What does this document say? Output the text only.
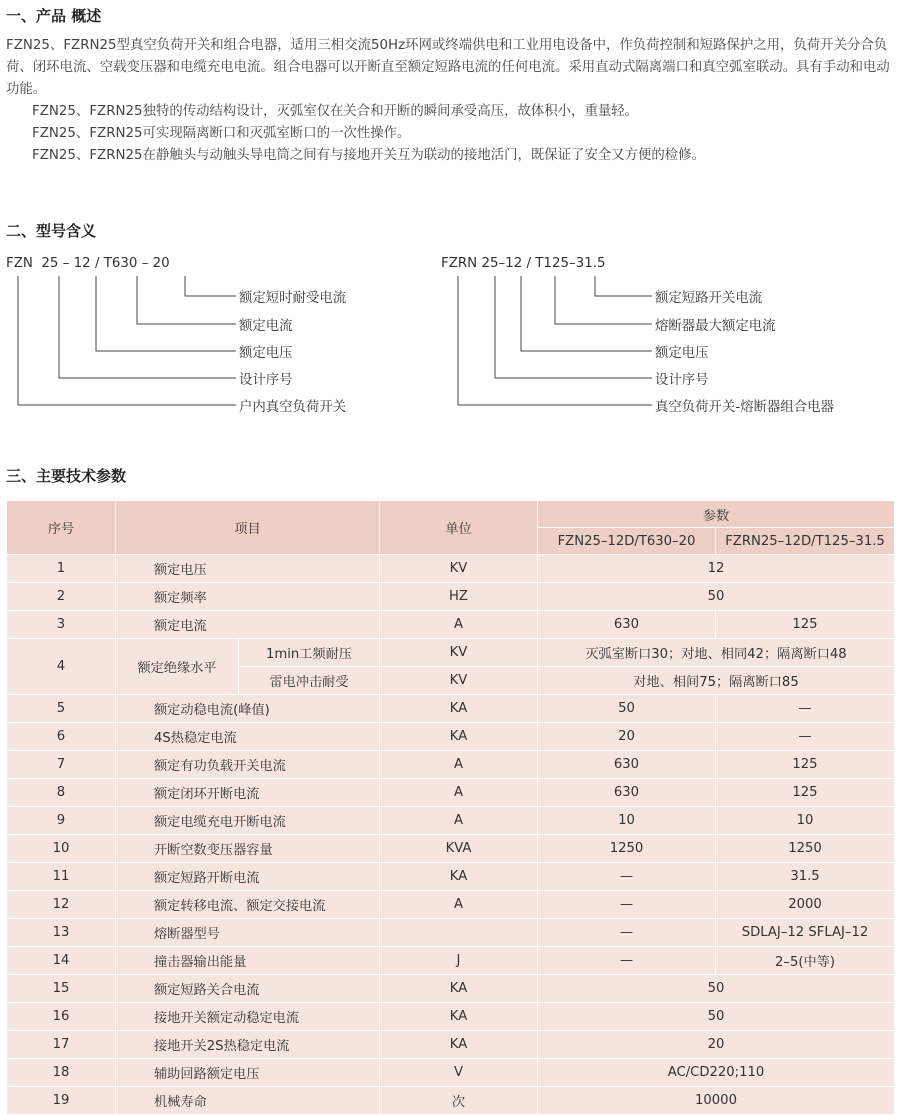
一、产品 概述

FZN25、FZRN25型真空负荷开关和组合电器，适用三相交流50Hz环网或终端供电和工业用电设备中，作负荷控制和短路保护之用，负荷开关分合负荷、闭环电流、空载变压器和电缆充电电流。组合电器可以开断直至额定短路电流的任何电流。采用直动式隔离端口和真空弧室联动。具有手动和电动功能。

FZN25、FZRN25独特的传动结构设计，灭弧室仅在关合和开断的瞬间承受高压，故体积小，重量轻。

FZN25、FZRN25可实现隔离断口和灭弧室断口的一次性操作。

FZN25、FZRN25在静触头与动触头导电筒之间有与接地开关互为联动的接地活门，既保证了安全又方便的检修。

二、型号含义
FZN  25 – 12 / T630 – 20	FZRN 25–12 / T125–31.5
额定短时耐受电流
额定电流
额定电压
设计序号
户内真空负荷开关
额定短路开关电流
熔断器最大额定电流
额定电压
设计序号
真空负荷开关-熔断器组合电器
三、主要技术参数
序号	项目		单位	参数	
				FZN25–12D/T630–20	FZRN25–12D/T125–31.5
1	额定电压		KV	12	
2	额定频率		HZ	50	
3	额定电流		A	630	125
4	额定绝缘水平	1min工频耐压	KV	灭弧室断口30；对地、相同42；隔离断口48	
		雷电冲击耐受	KV	对地、相间75；隔离断口85	
5	额定动稳电流(峰值)		KA	50	—
6	4S热稳定电流		KA	20	—
7	额定有功负载开关电流		A	630	125
8	额定闭环开断电流		A	630	125
9	额定电缆充电开断电流		A	10	10
10	开断空数变压器容量		KVA	1250	1250
11	额定短路开断电流		KA	—	31.5
12	额定转移电流、额定交接电流		A	—	2000
13	熔断器型号			—	SDLAJ–12 SFLAJ–12
14	撞击器输出能量		J	—	2–5(中等)
15	额定短路关合电流		KA	50	
16	接地开关额定动稳定电流		KA	50	
17	接地开关2S热稳定电流		KA	20	
18	辅助回路额定电压		V	AC/CD220;110	
19	机械寿命		次	10000	
